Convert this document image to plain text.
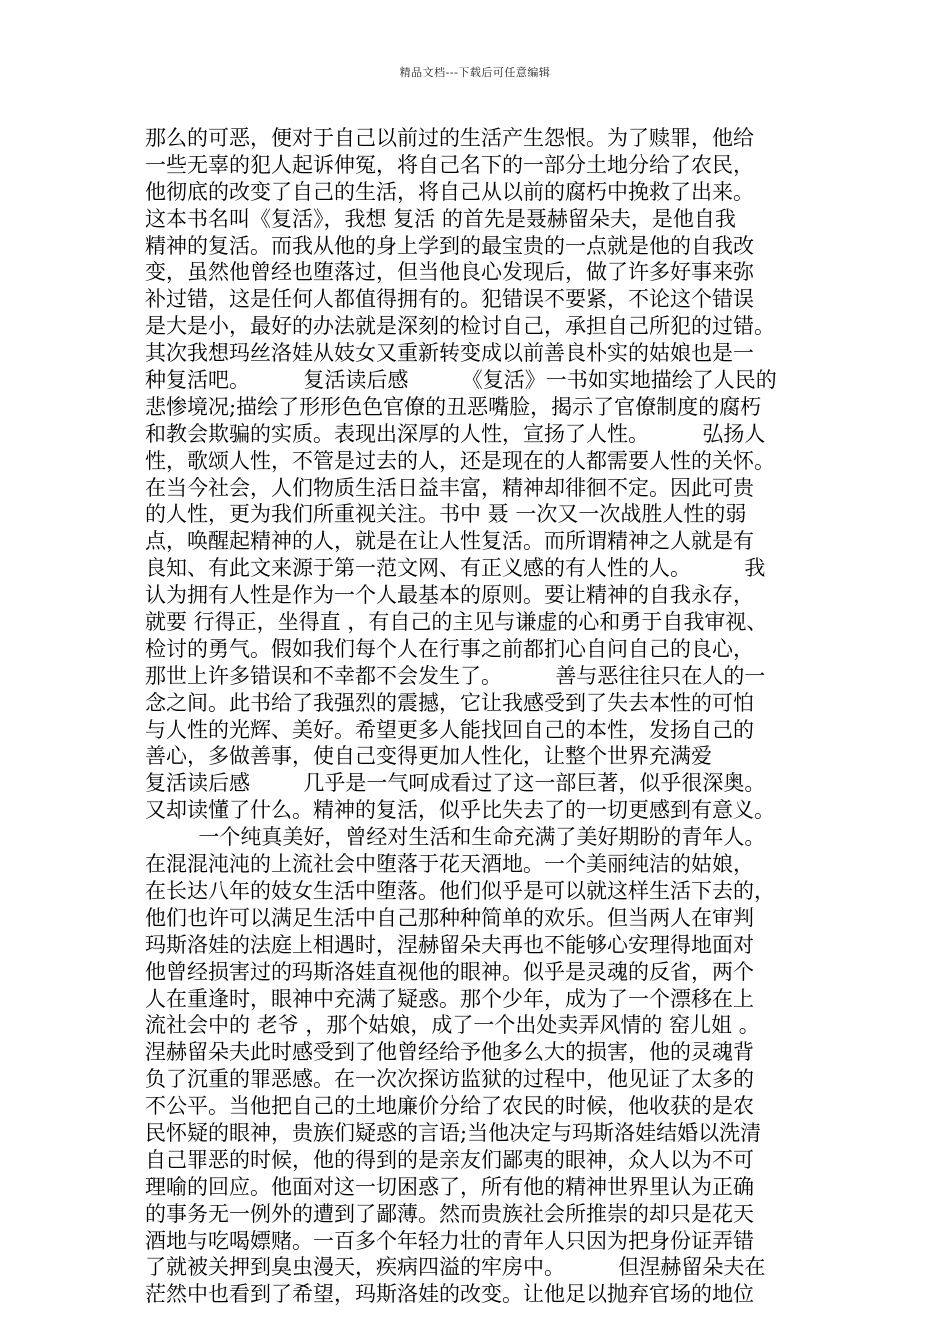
精品文档---下载后可任意编辑
那么的可恶，便对于自己以前过的生活产生怨恨。为了赎罪，他给
一些无辜的犯人起诉伸冤，将自己名下的一部分土地分给了农民，
他彻底的改变了自己的生活，将自己从以前的腐朽中挽救了出来。
这本书名叫《复活》，我想 复活 的首先是聂赫留朵夫，是他自我
精神的复活。而我从他的身上学到的最宝贵的一点就是他的自我改
变，虽然他曾经也堕落过，但当他良心发现后，做了许多好事来弥
补过错，这是任何人都值得拥有的。犯错误不要紧，不论这个错误
是大是小，最好的办法就是深刻的检讨自己，承担自己所犯的过错。
其次我想玛丝洛娃从妓女又重新转变成以前善良朴实的姑娘也是一
种复活吧。        复活读后感        《复活》一书如实地描绘了人民的
悲惨境况;描绘了形形色色官僚的丑恶嘴脸，揭示了官僚制度的腐朽
和教会欺骗的实质。表现出深厚的人性，宣扬了人性。        弘扬人
性，歌颂人性，不管是过去的人，还是现在的人都需要人性的关怀。
在当今社会，人们物质生活日益丰富，精神却徘徊不定。因此可贵
的人性，更为我们所重视关注。书中 聂 一次又一次战胜人性的弱
点，唤醒起精神的人，就是在让人性复活。而所谓精神之人就是有
良知、有此文来源于第一范文网、有正义感的有人性的人。        我
认为拥有人性是作为一个人最基本的原则。要让精神的自我永存，
就要 行得正，坐得直 ，有自己的主见与谦虚的心和勇于自我审视、
检讨的勇气。假如我们每个人在行事之前都扪心自问自己的良心，
那世上许多错误和不幸都不会发生了。        善与恶往往只在人的一
念之间。此书给了我强烈的震撼，它让我感受到了失去本性的可怕
与人性的光辉、美好。希望更多人能找回自己的本性，发扬自己的
善心，多做善事，使自己变得更加人性化，让整个世界充满爱
复活读后感        几乎是一气呵成看过了这一部巨著，似乎很深奥。
又却读懂了什么。精神的复活，似乎比失去了的一切更感到有意义。
一个纯真美好，曾经对生活和生命充满了美好期盼的青年人。
在混混沌沌的上流社会中堕落于花天酒地。一个美丽纯洁的姑娘，
在长达八年的妓女生活中堕落。他们似乎是可以就这样生活下去的，
他们也许可以满足生活中自己那种种简单的欢乐。但当两人在审判
玛斯洛娃的法庭上相遇时，涅赫留朵夫再也不能够心安理得地面对
他曾经损害过的玛斯洛娃直视他的眼神。似乎是灵魂的反省，两个
人在重逢时，眼神中充满了疑惑。那个少年，成为了一个漂移在上
流社会中的 老爷 ，那个姑娘，成了一个出处卖弄风情的 窑儿姐 。
涅赫留朵夫此时感受到了他曾经给予他多么大的损害，他的灵魂背
负了沉重的罪恶感。在一次次探访监狱的过程中，他见证了太多的
不公平。当他把自己的土地廉价分给了农民的时候，他收获的是农
民怀疑的眼神，贵族们疑惑的言语;当他决定与玛斯洛娃结婚以洗清
自己罪恶的时候，他的得到的是亲友们鄙夷的眼神，众人以为不可
理喻的回应。他面对这一切困惑了，所有他的精神世界里认为正确
的事务无一例外的遭到了鄙薄。然而贵族社会所推崇的却只是花天
酒地与吃喝嫖赌。一百多个年轻力壮的青年人只因为把身份证弄错
了就被关押到臭虫漫天，疾病四溢的牢房中。        但涅赫留朵夫在
茫然中也看到了希望，玛斯洛娃的改变。让他足以抛弃官场的地位
